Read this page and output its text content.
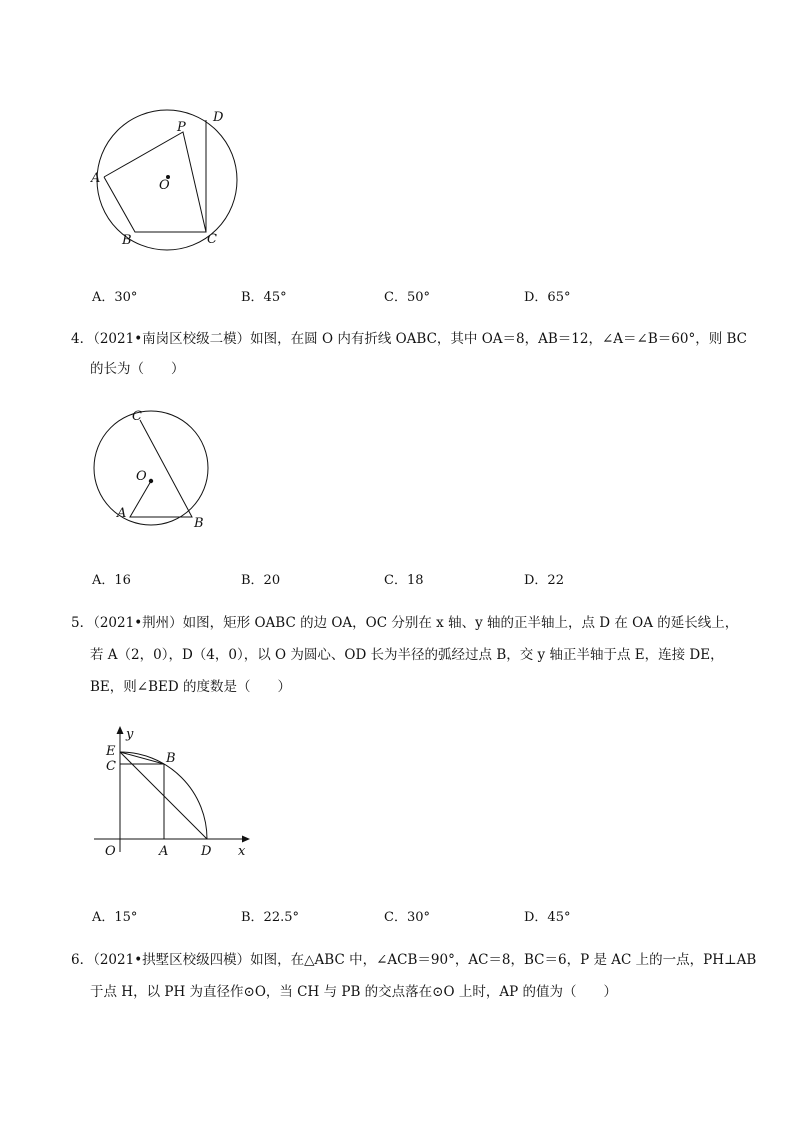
A
P
D
O
B	C
A．30°	B．45°	C．50°	D．65°
4．（2021•南岗区校级二模）如图，在圆 O 内有折线 OABC，其中 OA＝8，AB＝12，∠A＝∠B＝60°，则 BC
的长为（　　）
C
O
A
B
A．16	B．20	C．18	D．22
5．（2021•荆州）如图，矩形 OABC 的边 OA，OC 分别在 x 轴、y 轴的正半轴上，点 D 在 OA 的延长线上，
若 A（2，0），D（4，0），以 O 为圆心、OD 长为半径的弧经过点 B，交 y 轴正半轴于点 E，连接 DE，
BE，则∠BED 的度数是（　　）
y
E
C
B
O	A	D x
A．15°	B．22.5°	C．30°	D．45°
6．（2021•拱墅区校级四模）如图，在△ABC 中，∠ACB＝90°，AC＝8，BC＝6，P 是 AC 上的一点，PH⊥AB
于点 H，以 PH 为直径作⊙O，当 CH 与 PB 的交点落在⊙O 上时，AP 的值为（　　）
